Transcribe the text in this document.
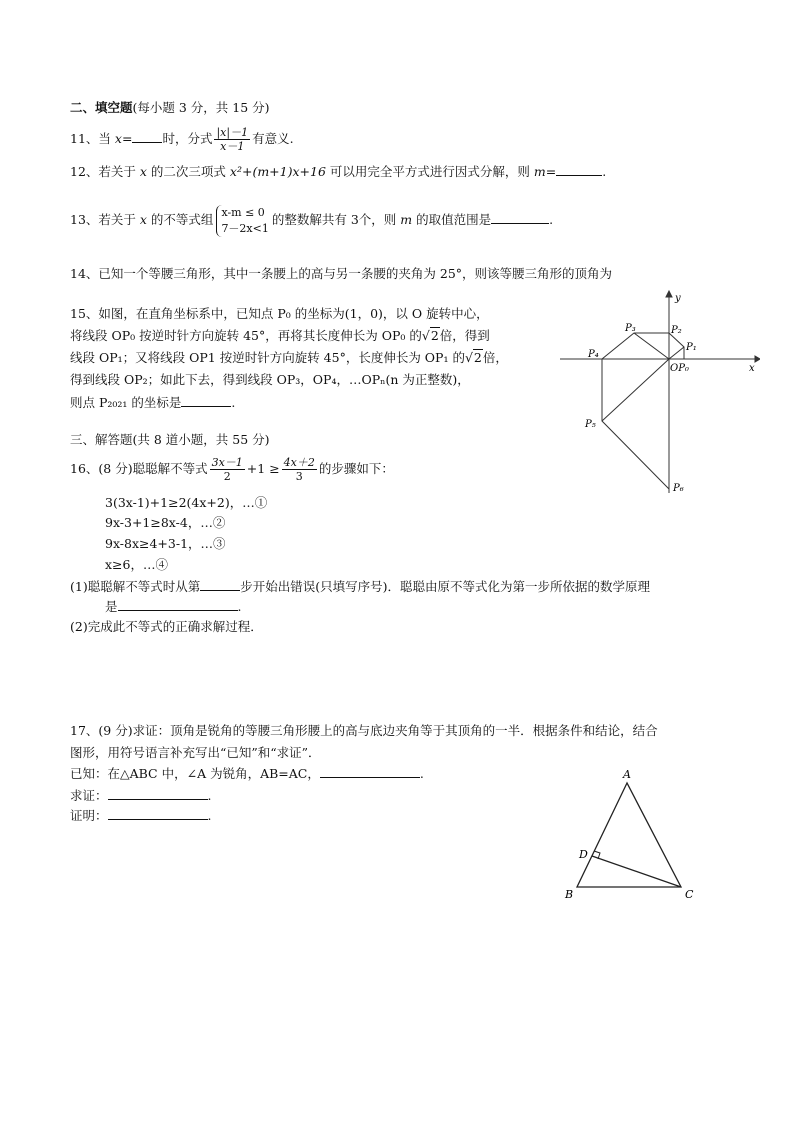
二、填空题(每小题 3 分，共 15 分)
11、当 x= 时，分式 $\frac{|x|-1}{x-1}$ 有意义.
12、若关于 x 的二次三项式 x²+(m+1)x+16 可以用完全平方式进行因式分解，则 m=	.
13、若关于 x 的不等式组 x-m ≤ 0
7－2x<1
的整数解共有 3个，则 m 的取值范围是	.
14、已知一个等腰三角形，其中一条腰上的高与另一条腰的夹角为 25°，则该等腰三角形的顶角为
15、如图，在直角坐标系中，已知点 P₀ 的坐标为(1，0)，以 O 旋转中心，
将线段 OP₀ 按逆时针方向旋转 45°，再将其长度伸长为 OP₀ 的√2倍，得到
线段 OP₁；又将线段 OP1 按逆时针方向旋转 45°，长度伸长为 OP₁ 的√2倍，
得到线段 OP₂；如此下去，得到线段 OP₃，OP₄，…OPₙ(n 为正整数)，
则点 P₂₀₂₁ 的坐标是	.
y
x
OP₀
P₁
P₂
P₃
P₄
P₅
P₆
三、解答题(共 8 道小题，共 55 分)
16、(8 分)聪聪解不等式 $\frac{3x-1}{2} +1 \ge \frac{4x+2}{3}$ 的步骤如下：
3(3x-1)+1≥2(4x+2)，…①
9x-3+1≥8x-4，…②
9x-8x≥4+3-1，…③
x≥6，…④
(1)聪聪解不等式时从第	步开始出错误(只填写序号)．聪聪由原不等式化为第一步所依据的数学原理
是	.
(2)完成此不等式的正确求解过程．
17、(9 分)求证：顶角是锐角的等腰三角形腰上的高与底边夹角等于其顶角的一半．根据条件和结论，结合
图形，用符号语言补充写出“已知”和“求证”．
已知：在△ABC 中，∠A 为锐角，AB=AC，	.
求证：	.
证明：	.
A
B	C
D
